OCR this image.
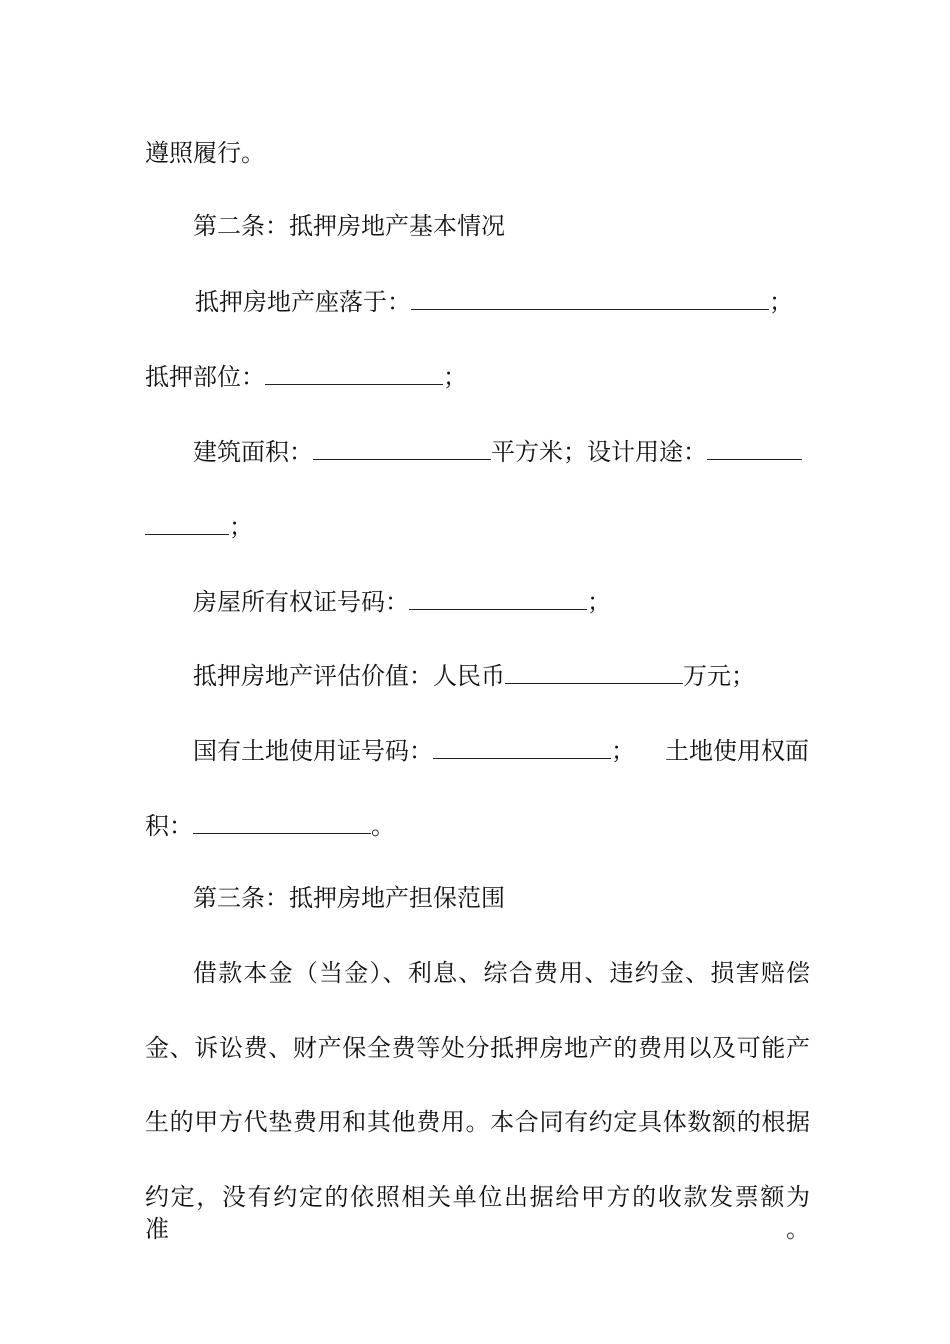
遵照履行。
第二条：抵押房地产基本情况
抵押房地产座落于：	；
抵押部位：	；
建筑面积：	平方米；设计用途：
；
房屋所有权证号码：	；
抵押房地产评估价值：人民币	万元；
国有土地使用证号码：	； 土地使用权面
积：	。
第三条：抵押房地产担保范围
借款本金（当金）、利息、综合费用、违约金、损害赔偿
金、诉讼费、财产保全费等处分抵押房地产的费用以及可能产
生的甲方代垫费用和其他费用。本合同有约定具体数额的根据
约定，没有约定的依照相关单位出据给甲方的收款发票额为准。
